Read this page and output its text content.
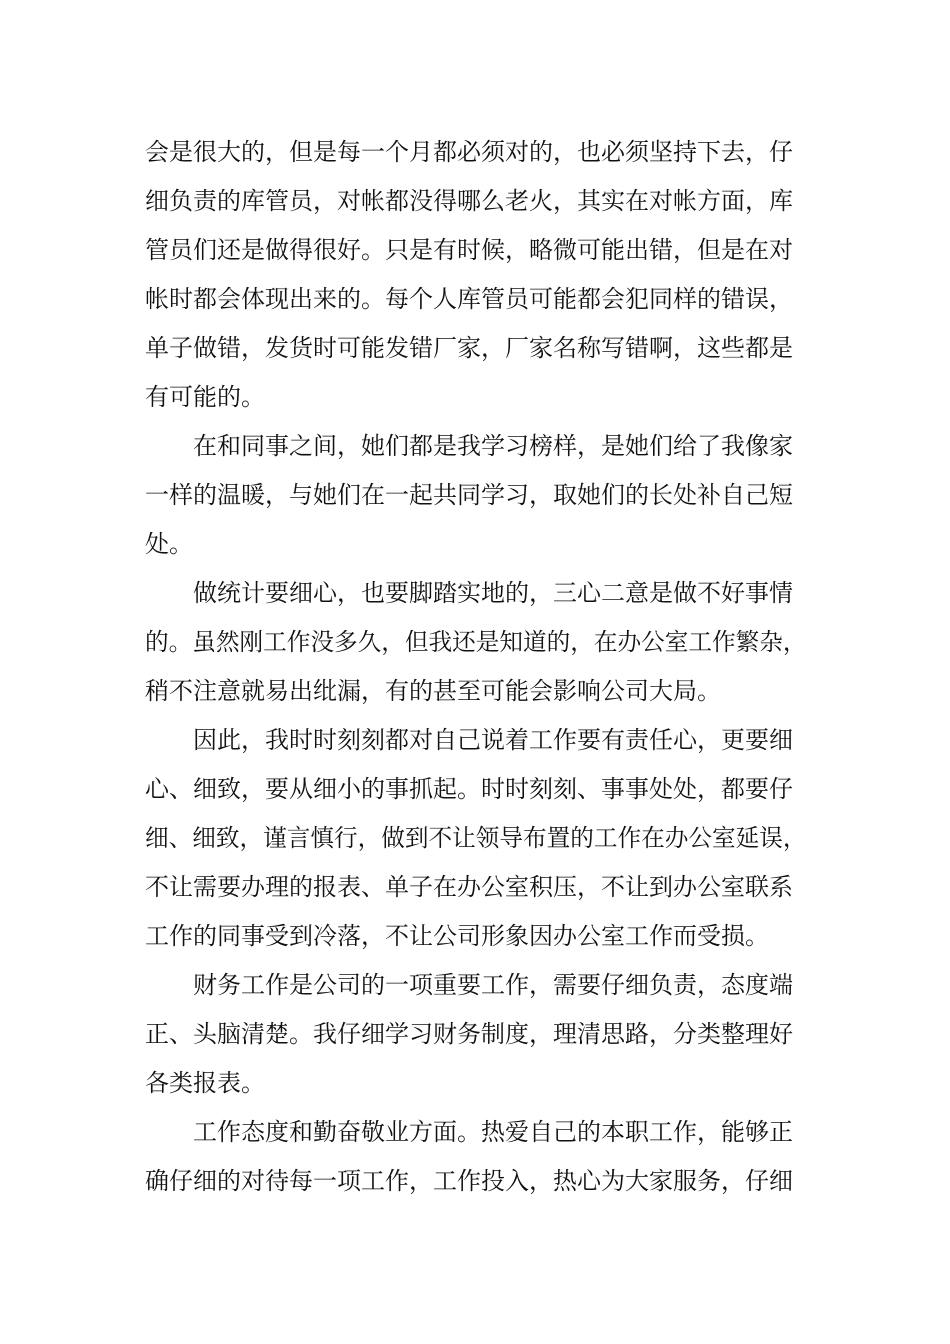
会是很大的，但是每一个月都必须对的，也必须坚持下去，仔
细负责的库管员，对帐都没得哪么老火，其实在对帐方面，库
管员们还是做得很好。只是有时候，略微可能出错，但是在对
帐时都会体现出来的。每个人库管员可能都会犯同样的错误，
单子做错，发货时可能发错厂家，厂家名称写错啊，这些都是
有可能的。

在和同事之间，她们都是我学习榜样，是她们给了我像家
一样的温暖，与她们在一起共同学习，取她们的长处补自己短
处。

做统计要细心，也要脚踏实地的，三心二意是做不好事情
的。虽然刚工作没多久，但我还是知道的，在办公室工作繁杂，
稍不注意就易出纰漏，有的甚至可能会影响公司大局。

因此，我时时刻刻都对自己说着工作要有责任心，更要细
心、细致，要从细小的事抓起。时时刻刻、事事处处，都要仔
细、细致，谨言慎行，做到不让领导布置的工作在办公室延误，
不让需要办理的报表、单子在办公室积压，不让到办公室联系
工作的同事受到冷落，不让公司形象因办公室工作而受损。

财务工作是公司的一项重要工作，需要仔细负责，态度端
正、头脑清楚。我仔细学习财务制度，理清思路，分类整理好
各类报表。

工作态度和勤奋敬业方面。热爱自己的本职工作，能够正
确仔细的对待每一项工作，工作投入，热心为大家服务，仔细
